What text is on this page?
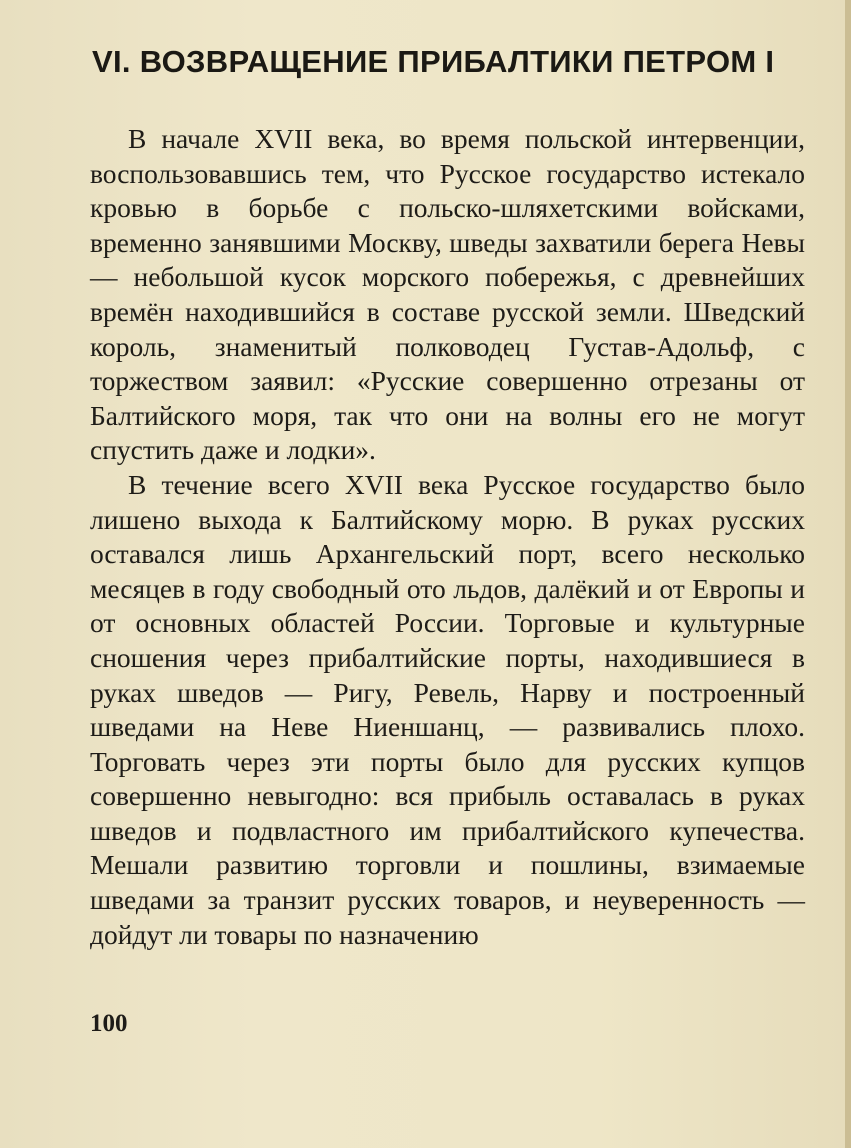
VI. ВОЗВРАЩЕНИЕ ПРИБАЛТИКИ ПЕТРОМ I

В начале XVII века, во время польской интервенции, воспользовавшись тем, что Русское государство истекало кровью в борьбе с польско-шляхетскими войсками, временно занявшими Москву, шведы захватили берега Невы — небольшой кусок морского побережья, с древнейших времён находившийся в составе русской земли. Шведский король, знаменитый полководец Густав-Адольф, с торжеством заявил: «Русские совершенно отрезаны от Балтийского моря, так что они на волны его не могут спустить даже и лодки».

В течение всего XVII века Русское государство было лишено выхода к Балтийскому морю. В руках русских оставался лишь Архангельский порт, всего несколько месяцев в году свободный ото льдов, далёкий и от Европы и от основных областей России. Торговые и культурные сношения через прибалтийские порты, находившиеся в руках шведов — Ригу, Ревель, Нарву и построенный шведами на Неве Ниеншанц, — развивались плохо. Торговать через эти порты было для русских купцов совершенно невыгодно: вся прибыль оставалась в руках шведов и подвластного им прибалтийского купечества. Мешали развитию торговли и пошлины, взимаемые шведами за транзит русских товаров, и неуверенность — дойдут ли товары по назначению

100
